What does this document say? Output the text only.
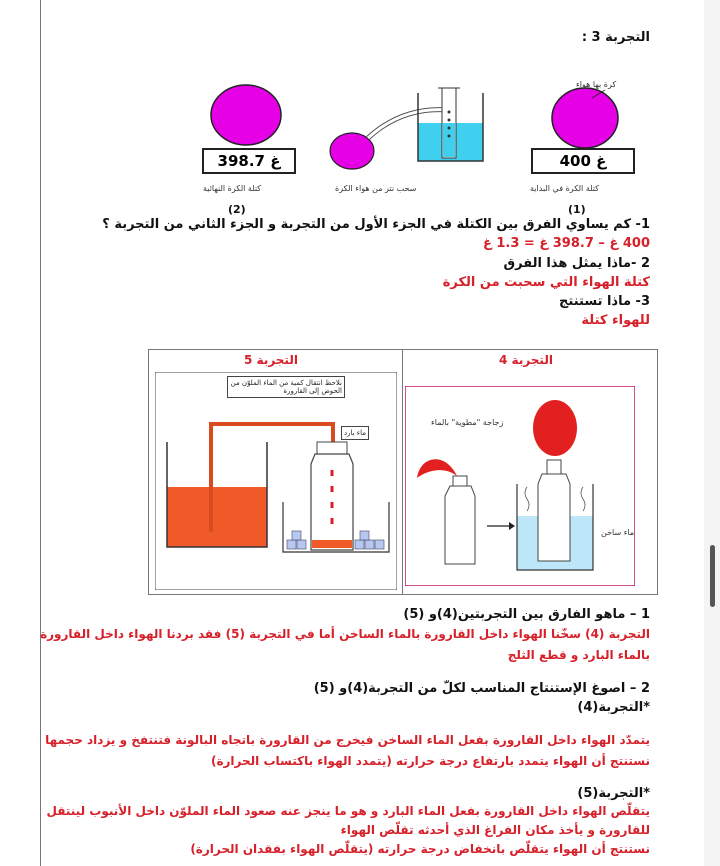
التجربة 3 :
400 غ
398.7 غ
كرة بها هواء
كتلة الكرة في البداية
سحب نتر من هواء الكرة
كتلة الكرة النهائية
(1)
(2)
1- كم يساوي الفرق بين الكتلة في الجزء الأول من التجربة و الجزء الثاني من التجربة ؟
400 غ – 398.7 غ = 1.3 غ
2 -ماذا يمثل هذا الفرق
كتلة الهواء التي سحبت من الكرة
3- ماذا تستنتج
للهواء كتلة
التجربة 4
التجربة 5
نلاحظ انتقال كمية من الماء الملوّن من الحوض إلى القارورة
ماء بارد
زجاجة "مطوية" بالماء
ماء ساخن
1 – ماهو الفارق بين التجربتين(4)و (5)
التجربة (4) سخّنا الهواء داخل القارورة بالماء الساخن أما في التجربة (5) فقد بردنا الهواء داخل القارورة
بالماء البارد و قطع الثلج
2 – اصوغ الإستنتاج المناسب لكلّ من التجربة(4)و (5)
*التجربة(4)
يتمدّد الهواء داخل القارورة بفعل الماء الساخن فيخرج من القارورة باتجاه البالونة فتنتفخ و يزداد حجمها
نستنتج أن الهواء يتمدد بارتفاع درجة حرارته (يتمدد الهواء باكتساب الحرارة)
*التجربة(5)
يتقلّص الهواء داخل القارورة بفعل الماء البارد و هو ما ينجز عنه صعود الماء الملوّن داخل الأنبوب لينتقل
للقارورة و يأخذ مكان الفراغ الذي أحدثه تقلّص الهواء
نستنتج أن الهواء يتقلّص بانخفاض درجة حرارته (يتقلّص الهواء بفقدان الحرارة)
